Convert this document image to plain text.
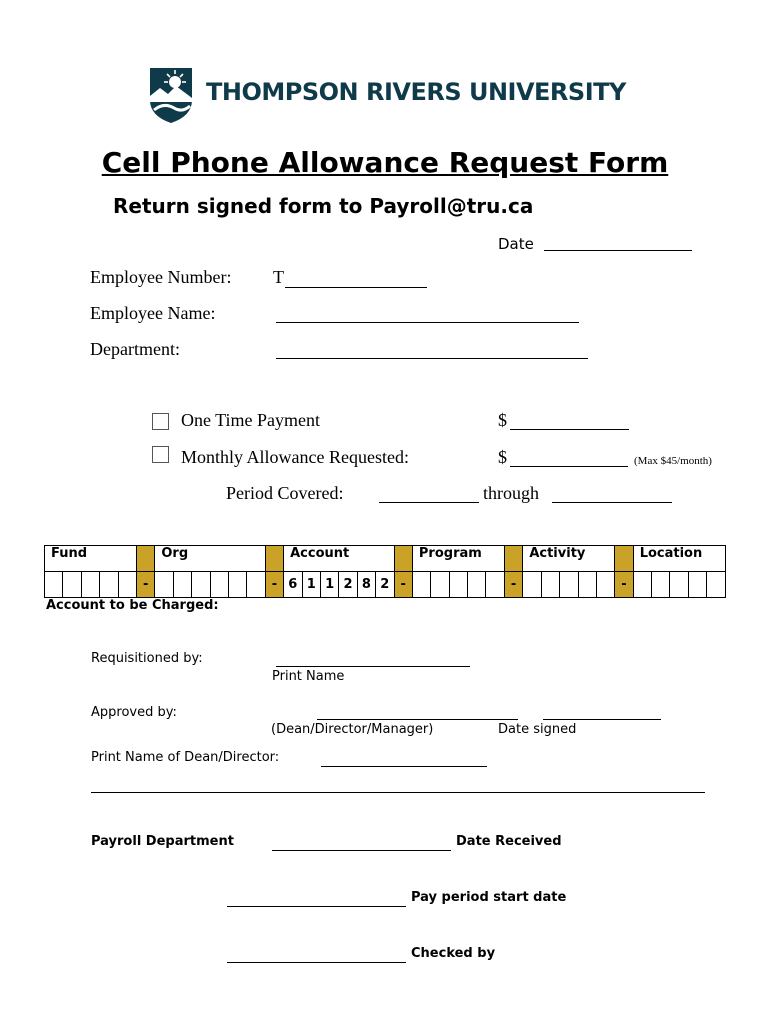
THOMPSON RIVERS UNIVERSITY
Cell Phone Allowance Request Form
Return signed form to Payroll@tru.ca
Date
Employee Number: T
Employee Name:
Department:
One Time Payment	$
Monthly Allowance Requested:	$	(Max $45/month)
Period Covered:	through
Fund						Org							Account							Program						Activity						Location				
					-							-	6	1	1	2	8	2	-						-						-					
Account to be Charged:
Requisitioned by:
Print Name
Approved by:
(Dean/Director/Manager)	Date signed
Print Name of Dean/Director:
Payroll Department	Date Received
Pay period start date
Checked by
